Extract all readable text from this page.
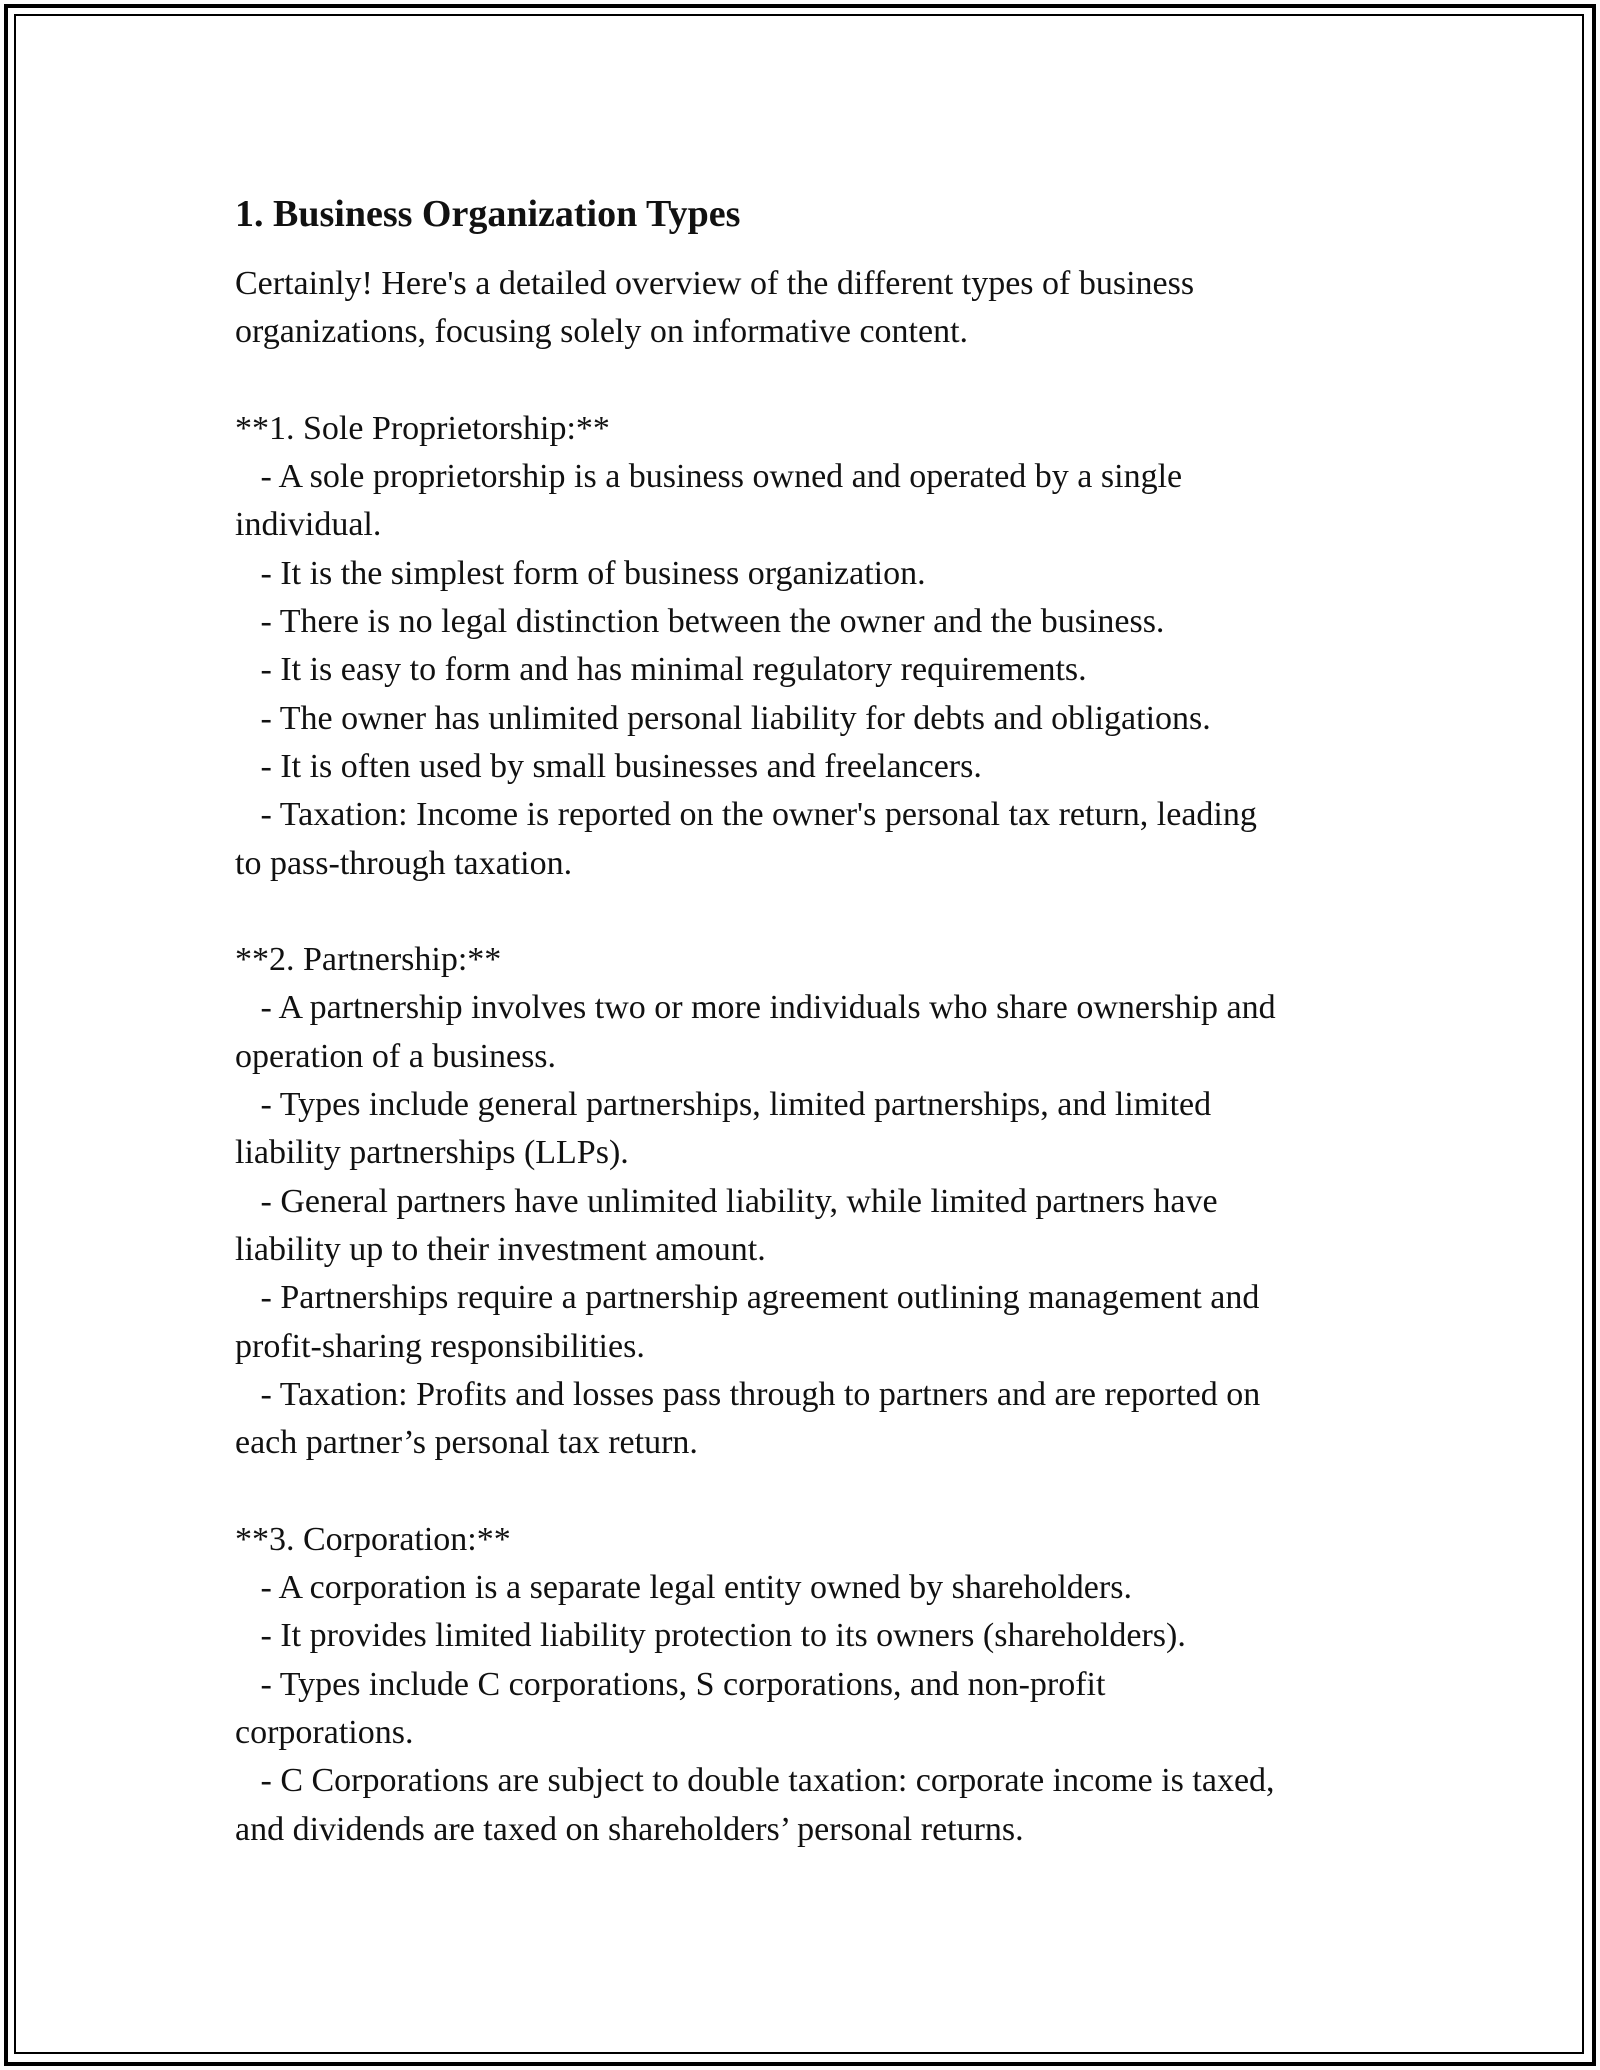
1. Business Organization Types
Certainly! Here's a detailed overview of the different types of business
organizations, focusing solely on informative content.

**1. Sole Proprietorship:**
- A sole proprietorship is a business owned and operated by a single
individual.
- It is the simplest form of business organization.
- There is no legal distinction between the owner and the business.
- It is easy to form and has minimal regulatory requirements.
- The owner has unlimited personal liability for debts and obligations.
- It is often used by small businesses and freelancers.
- Taxation: Income is reported on the owner's personal tax return, leading
to pass-through taxation.

**2. Partnership:**
- A partnership involves two or more individuals who share ownership and
operation of a business.
- Types include general partnerships, limited partnerships, and limited
liability partnerships (LLPs).
- General partners have unlimited liability, while limited partners have
liability up to their investment amount.
- Partnerships require a partnership agreement outlining management and
profit-sharing responsibilities.
- Taxation: Profits and losses pass through to partners and are reported on
each partner’s personal tax return.

**3. Corporation:**
- A corporation is a separate legal entity owned by shareholders.
- It provides limited liability protection to its owners (shareholders).
- Types include C corporations, S corporations, and non-profit
corporations.
- C Corporations are subject to double taxation: corporate income is taxed,
and dividends are taxed on shareholders’ personal returns.
